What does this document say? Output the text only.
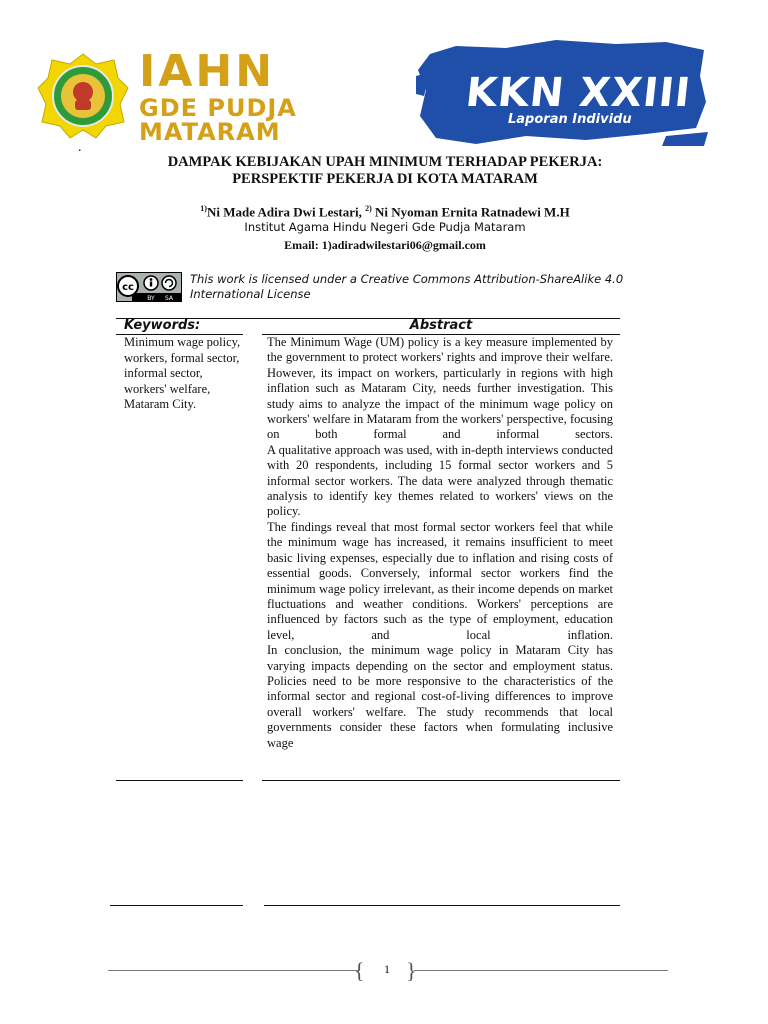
IAHN
GDE PUDJA
MATARAM
KKN XXIII
Laporan Individu
.
DAMPAK KEBIJAKAN UPAH MINIMUM TERHADAP PEKERJA:
PERSPEKTIF PEKERJA DI KOTA MATARAM
$^{1)}$Ni Made Adira Dwi Lestari, $^{2)}$ Ni Nyoman Ernita Ratnadewi M.H
Institut Agama Hindu Negeri Gde Pudja Mataram
Email: 1)adiradwilestari06@gmail.com
cc
BY SA
This work is licensed under a Creative Commons Attribution-ShareAlike 4.0 International License
Keywords:	Abstract
Minimum wage policy, workers, formal sector, informal sector, workers' welfare, Mataram City.

The Minimum Wage (UM) policy is a key measure implemented by the government to protect workers' rights and improve their welfare. However, its impact on workers, particularly in regions with high inflation such as Mataram City, needs further investigation. This study aims to analyze the impact of the minimum wage policy on workers' welfare in Mataram from the workers' perspective, focusing on both formal and informal sectors.

A qualitative approach was used, with in-depth interviews conducted with 20 respondents, including 15 formal sector workers and 5 informal sector workers. The data were analyzed through thematic analysis to identify key themes related to workers' views on the policy.

The findings reveal that most formal sector workers feel that while the minimum wage has increased, it remains insufficient to meet basic living expenses, especially due to inflation and rising costs of essential goods. Conversely, informal sector workers find the minimum wage policy irrelevant, as their income depends on market fluctuations and weather conditions. Workers' perceptions are influenced by factors such as the type of employment, education level, and local inflation.

In conclusion, the minimum wage policy in Mataram City has varying impacts depending on the sector and employment status. Policies need to be more responsive to the characteristics of the informal sector and regional cost-of-living differences to improve overall workers' welfare. The study recommends that local governments consider these factors when formulating inclusive wage

{	1 }
